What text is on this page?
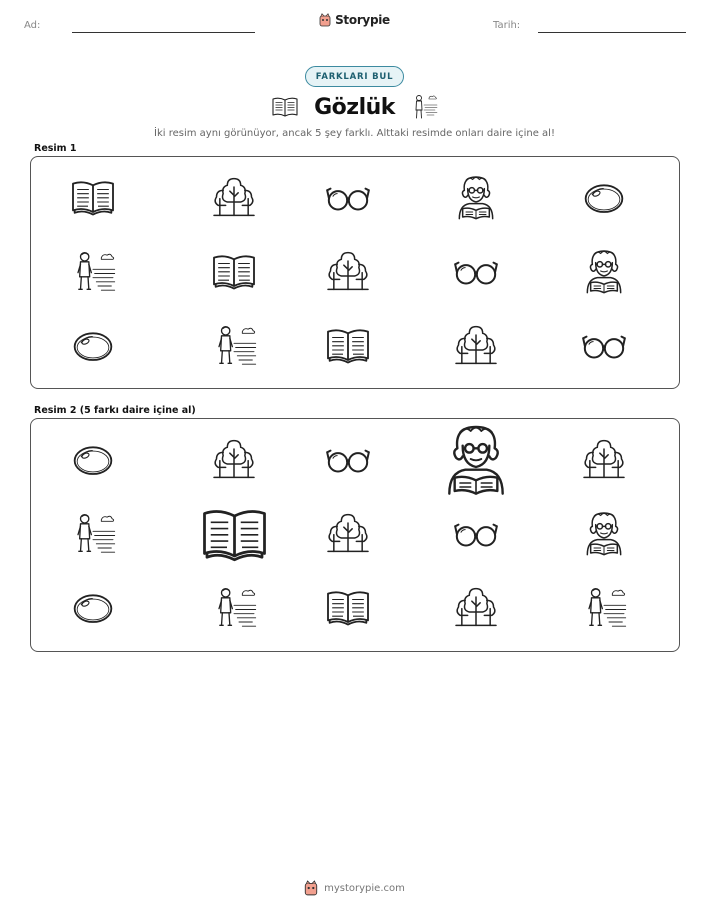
Ad:	Storypie	Tarih:
FARKLARI BUL
Gözlük
İki resim aynı görünüyor, ancak 5 şey farklı. Alttaki resimde onları daire içine al!
Resim 1
Resim 2 (5 farkı daire içine al)
mystorypie.com
